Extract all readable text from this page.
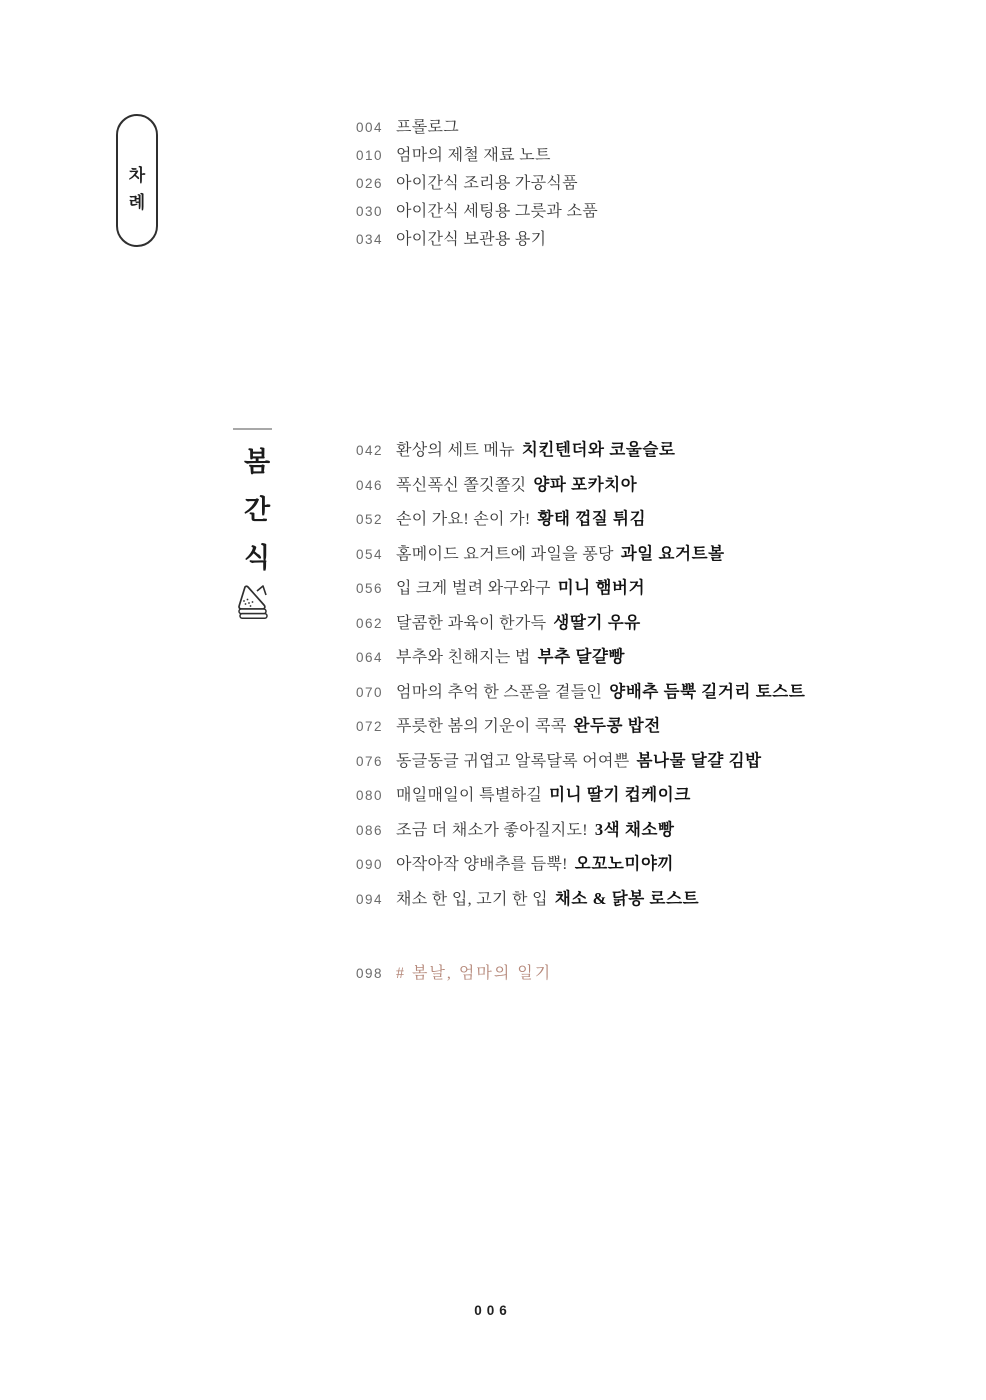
차
례
004 프롤로그
010 엄마의 제철 재료 노트
026 아이간식 조리용 가공식품
030 아이간식 세팅용 그릇과 소품
034 아이간식 보관용 용기
봄
간
식
042 환상의 세트 메뉴 치킨텐더와 코울슬로
046 폭신폭신 쫄깃쫄깃 양파 포카치아
052 손이 가요! 손이 가! 황태 껍질 튀김
054 홈메이드 요거트에 과일을 퐁당 과일 요거트볼
056 입 크게 벌려 와구와구 미니 햄버거
062 달콤한 과육이 한가득 생딸기 우유
064 부추와 친해지는 법 부추 달걀빵
070 엄마의 추억 한 스푼을 곁들인 양배추 듬뿍 길거리 토스트
072 푸릇한 봄의 기운이 콕콕 완두콩 밥전
076 동글동글 귀엽고 알록달록 어여쁜 봄나물 달걀 김밥
080 매일매일이 특별하길 미니 딸기 컵케이크
086 조금 더 채소가 좋아질지도! 3색 채소빵
090 아작아작 양배추를 듬뿍! 오꼬노미야끼
094 채소 한 입, 고기 한 입 채소 & 닭봉 로스트
098 # 봄날, 엄마의 일기
006
